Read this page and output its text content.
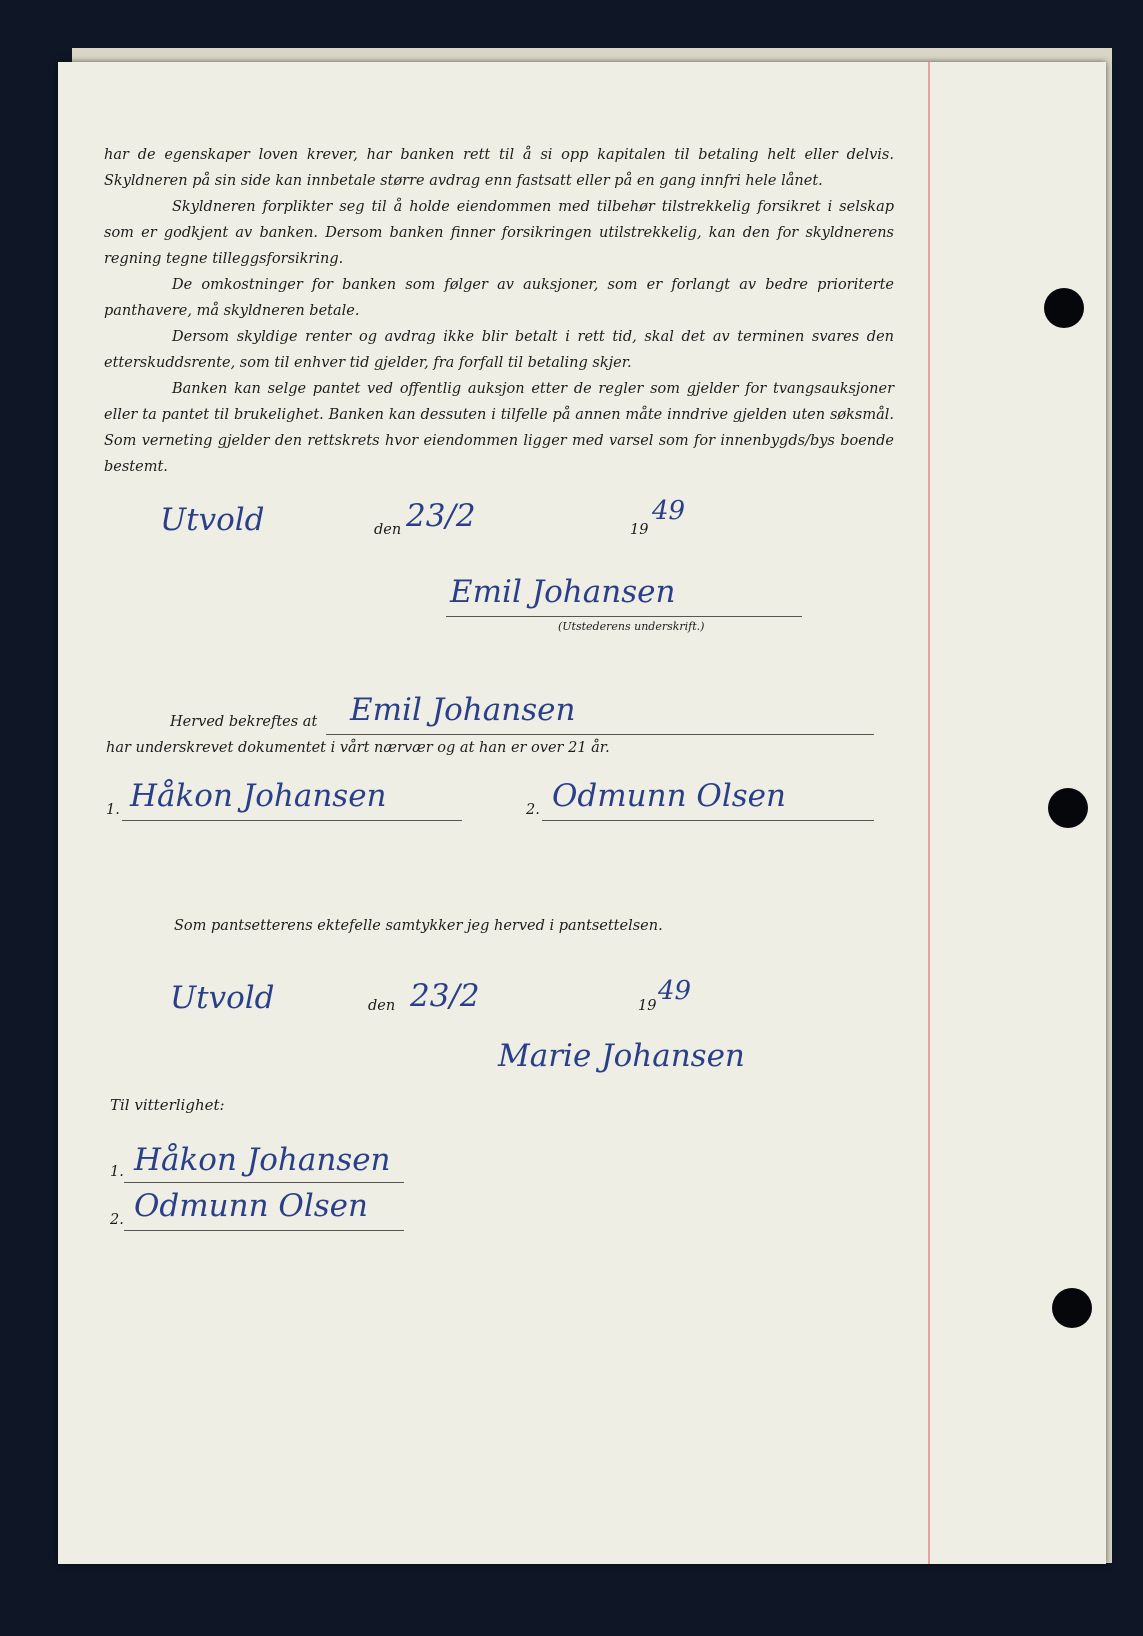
har de egenskaper loven krever, har banken rett til å si opp kapitalen til betaling helt eller delvis. Skyldneren på sin side kan innbetale større avdrag enn fastsatt eller på en gang innfri hele lånet.

Skyldneren forplikter seg til å holde eiendommen med tilbehør tilstrekkelig forsikret i selskap som er godkjent av banken. Dersom banken finner forsikringen utilstrekkelig, kan den for skyldnerens regning tegne tilleggsforsikring.

De omkostninger for banken som følger av auksjoner, som er forlangt av bedre prioriterte panthavere, må skyldneren betale.

Dersom skyldige renter og avdrag ikke blir betalt i rett tid, skal det av terminen svares den etterskuddsrente, som til enhver tid gjelder, fra forfall til betaling skjer.

Banken kan selge pantet ved offentlig auksjon etter de regler som gjelder for tvangsauksjoner eller ta pantet til brukelighet. Banken kan dessuten i tilfelle på annen måte inndrive gjelden uten søksmål. Som verneting gjelder den rettskrets hvor eiendommen ligger med varsel som for innenbygds/bys boende bestemt.

Utvold	den 23/2	19
49
Emil Johansen
(Utstederens underskrift.)
Herved bekreftes at Emil Johansen
har underskrevet dokumentet i vårt nærvær og at han er over 21 år.
1. Håkon Johansen	2. Odmunn Olsen
Som pantsetterens ektefelle samtykker jeg herved i pantsettelsen.
Utvold	den 23/2	19 49
Marie Johansen
Til vitterlighet:
1. Håkon Johansen
2. Odmunn Olsen
